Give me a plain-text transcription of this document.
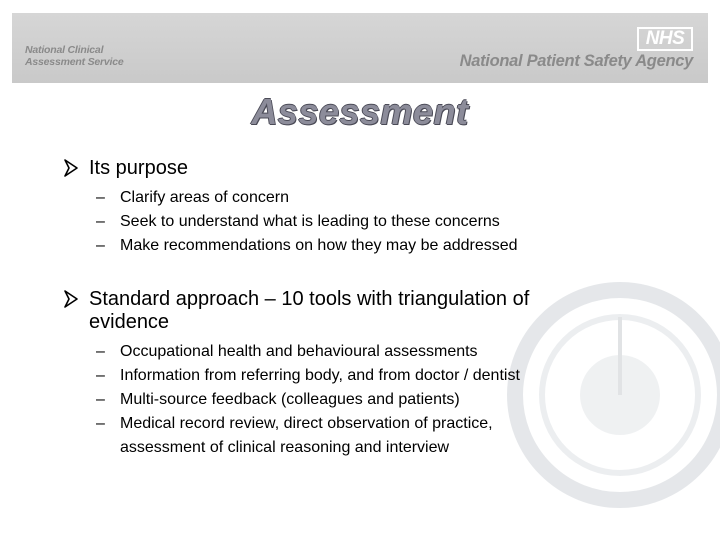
National Clinical
Assessment Service
NHS
National Patient Safety Agency
Assessment
Its purpose
– Clarify areas of concern
– Seek to understand what is leading to these concerns
– Make recommendations on how they may be addressed
Standard approach – 10 tools with triangulation of
evidence
– Occupational health and behavioural assessments
– Information from referring body, and from doctor / dentist
– Multi-source feedback (colleagues and patients)
– Medical record review, direct observation of practice,
assessment of clinical reasoning and interview
